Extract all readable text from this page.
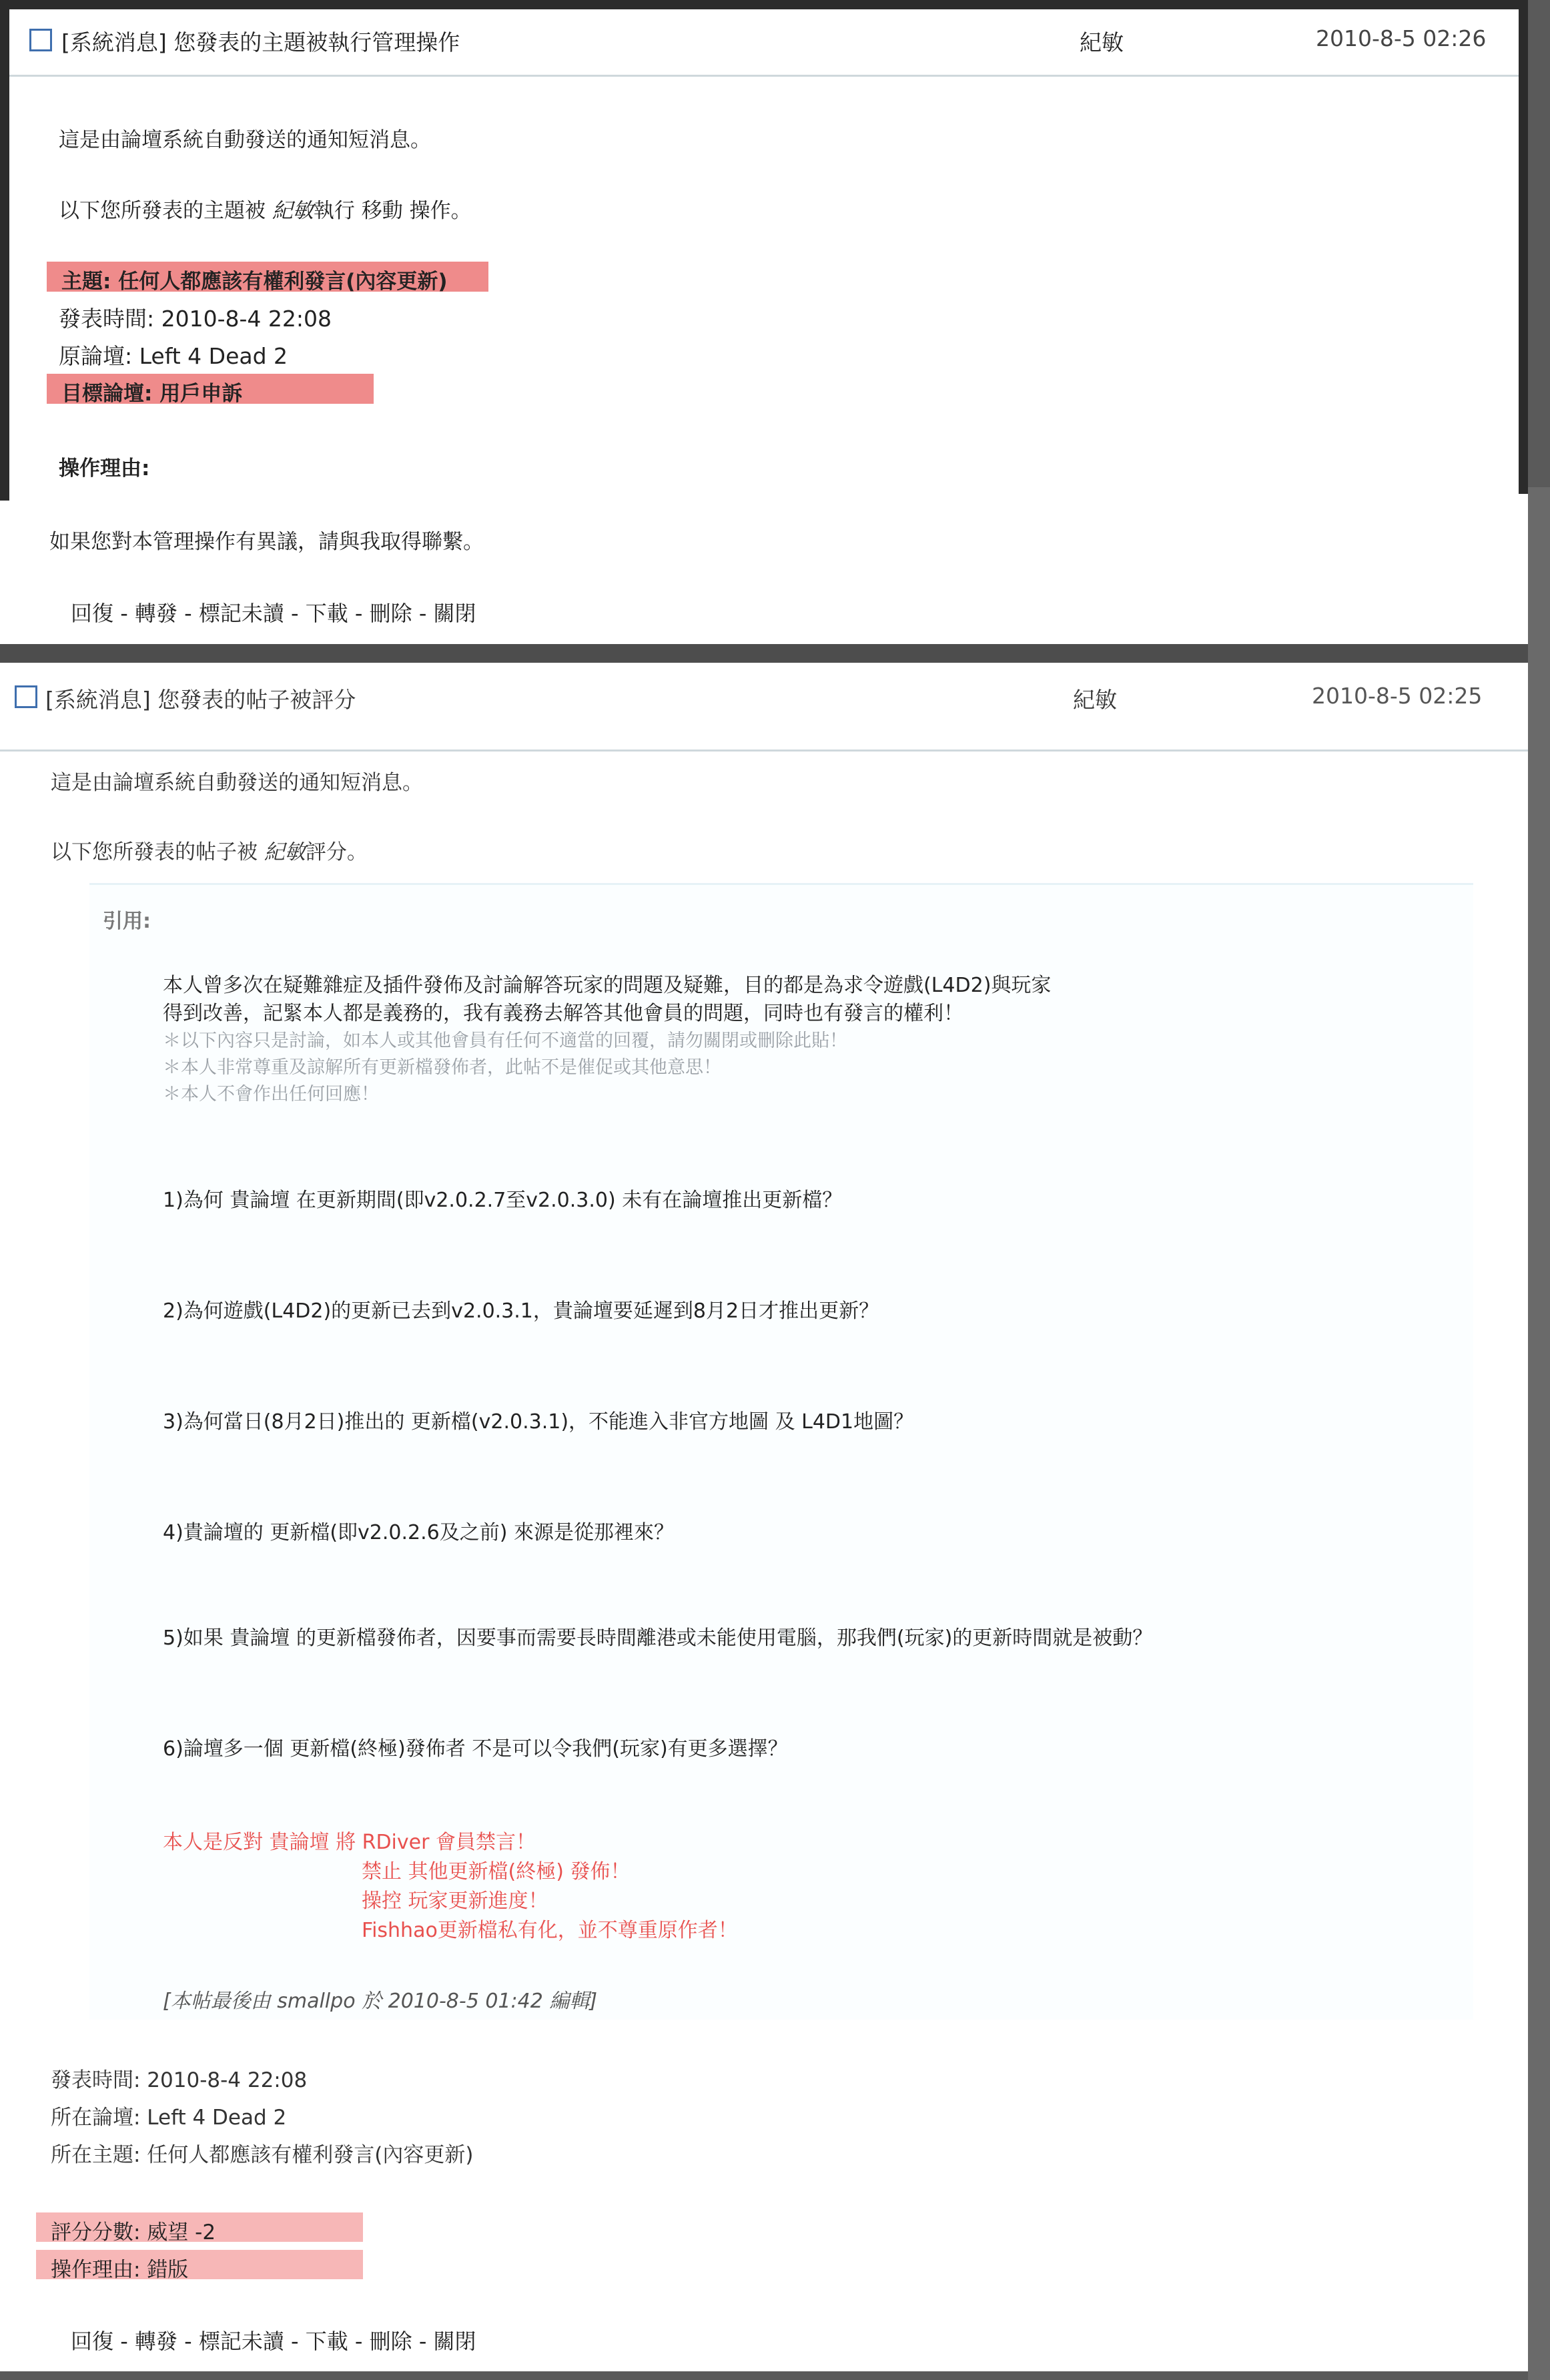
[系統消息] 您發表的主題被執行管理操作	紀敏	2010-8-5 02:26
這是由論壇系統自動發送的通知短消息。
以下您所發表的主題被 紀敏執行 移動 操作。
主題: 任何人都應該有權利發言(內容更新)
發表時間: 2010-8-4 22:08
原論壇: Left 4 Dead 2
目標論壇: 用戶申訴
操作理由:
如果您對本管理操作有異議，請與我取得聯繫。
回復 - 轉發 - 標記未讀 - 下載 - 刪除 - 關閉
[系統消息] 您發表的帖子被評分	紀敏	2010-8-5 02:25
這是由論壇系統自動發送的通知短消息。
以下您所發表的帖子被 紀敏評分。
引用:
本人曾多次在疑難雜症及插件發佈及討論解答玩家的問題及疑難，目的都是為求令遊戲(L4D2)與玩家
得到改善，記緊本人都是義務的，我有義務去解答其他會員的問題，同時也有發言的權利！
＊以下內容只是討論，如本人或其他會員有任何不適當的回覆，請勿關閉或刪除此貼！
＊本人非常尊重及諒解所有更新檔發佈者，此帖不是催促或其他意思！
＊本人不會作出任何回應！
1)為何 貴論壇 在更新期間(即v2.0.2.7至v2.0.3.0) 未有在論壇推出更新檔？
2)為何遊戲(L4D2)的更新已去到v2.0.3.1，貴論壇要延遲到8月2日才推出更新？
3)為何當日(8月2日)推出的 更新檔(v2.0.3.1)，不能進入非官方地圖 及 L4D1地圖？
4)貴論壇的 更新檔(即v2.0.2.6及之前) 來源是從那裡來？
5)如果 貴論壇 的更新檔發佈者，因要事而需要長時間離港或未能使用電腦，那我們(玩家)的更新時間就是被動？
6)論壇多一個 更新檔(終極)發佈者 不是可以令我們(玩家)有更多選擇？
本人是反對 貴論壇 將 RDiver 會員禁言！
禁止 其他更新檔(終極) 發佈！
操控 玩家更新進度！
Fishhao更新檔私有化，並不尊重原作者！
[本帖最後由 smallpo 於 2010-8-5 01:42 編輯]
發表時間: 2010-8-4 22:08
所在論壇: Left 4 Dead 2
所在主題: 任何人都應該有權利發言(內容更新)
評分分數: 威望 -2
操作理由: 錯版
回復 - 轉發 - 標記未讀 - 下載 - 刪除 - 關閉
